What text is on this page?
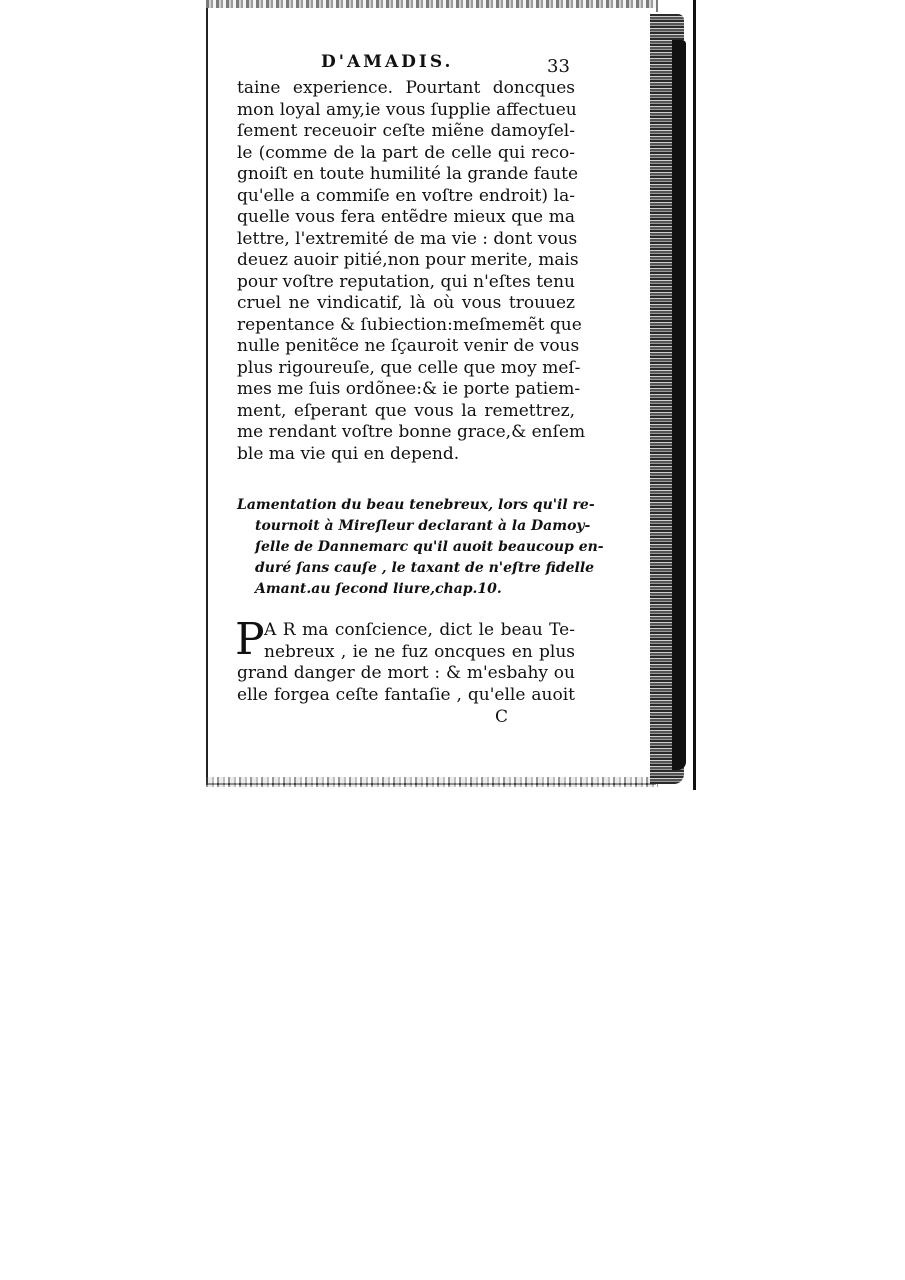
D'AMADIS.	33

taine experience. Pourtant doncques

mon loyal amy,ie vous ſupplie affectueu

ſement receuoir ceſte miẽne damoyſel-

le (comme de la part de celle qui reco-

gnoiſt en toute humilité la grande faute

qu'elle a commiſe en voſtre endroit) la-

quelle vous fera entẽdre mieux que ma

lettre, l'extremité de ma vie : dont vous

deuez auoir pitié,non pour merite, mais

pour voſtre reputation, qui n'eſtes tenu

cruel ne vindicatif, là où vous trouuez

repentance & ſubiection:meſmemẽt que

nulle penitẽce ne ſçauroit venir de vous

plus rigoureuſe, que celle que moy meſ-

mes me ſuis ordõnee:& ie porte patiem-

ment, eſperant que vous la remettrez,

me rendant voſtre bonne grace,& enſem

ble ma vie qui en depend.

Lamentation du beau tenebreux, lors qu'il re-

tournoit à Mireſleur declarant à la Damoy-

ſelle de Dannemarc qu'il auoit beaucoup en-

duré ſans cauſe , le taxant de n'eſtre fidelle

Amant.au ſecond liure,chap.10.

P A R ma conſcience, dict le beau Te-

nebreux , ie ne fuz oncques en plus

grand danger de mort : & m'esbahy ou

elle forgea ceſte fantaſie , qu'elle auoit

C
